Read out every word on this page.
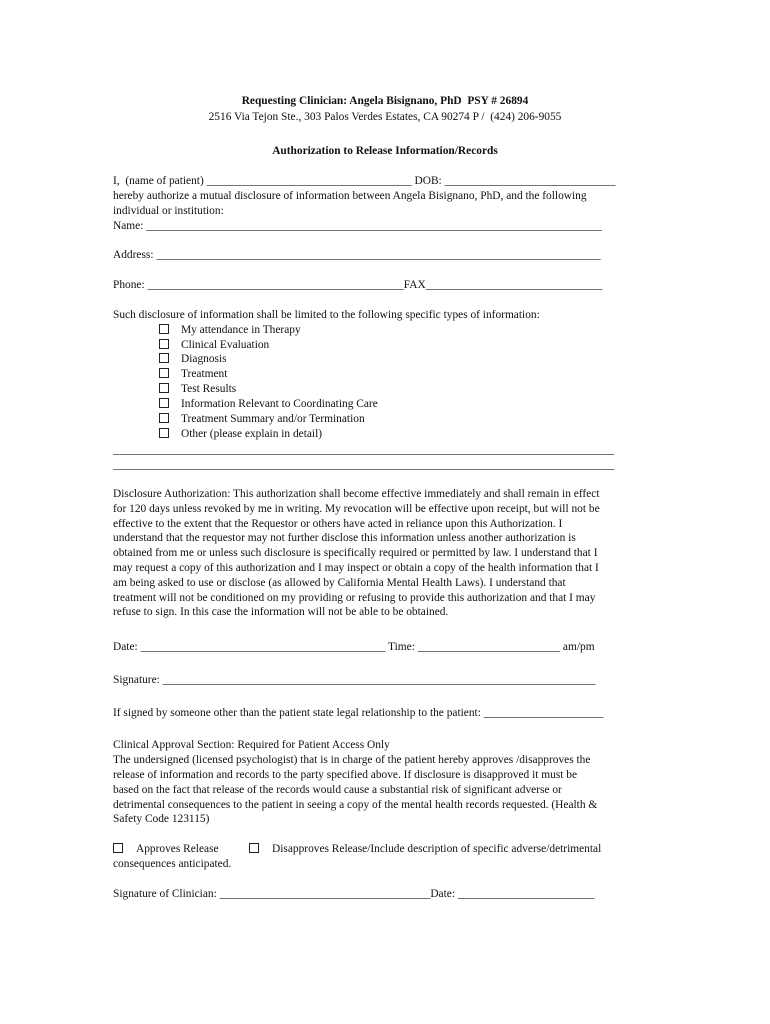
Requesting Clinician: Angela Bisignano, PhD  PSY # 26894
2516 Via Tejon Ste., 303 Palos Verdes Estates, CA 90274 P /  (424) 206-9055
Authorization to Release Information/Records
I,  (name of patient) ____________________________________ DOB: ______________________________
hereby authorize a mutual disclosure of information between Angela Bisignano, PhD, and the following
individual or institution:
Name: ________________________________________________________________________________
Address: ______________________________________________________________________________
Phone: _____________________________________________FAX_______________________________
Such disclosure of information shall be limited to the following specific types of information:
My attendance in Therapy
Clinical Evaluation
Diagnosis
Treatment
Test Results
Information Relevant to Coordinating Care
Treatment Summary and/or Termination
Other (please explain in detail)
________________________________________________________________________________________
________________________________________________________________________________________
Disclosure Authorization: This authorization shall become effective immediately and shall remain in effect
for 120 days unless revoked by me in writing. My revocation will be effective upon receipt, but will not be
effective to the extent that the Requestor or others have acted in reliance upon this Authorization. I
understand that the requestor may not further disclose this information unless another authorization is
obtained from me or unless such disclosure is specifically required or permitted by law. I understand that I
may request a copy of this authorization and I may inspect or obtain a copy of the health information that I
am being asked to use or disclose (as allowed by California Mental Health Laws). I understand that
treatment will not be conditioned on my providing or refusing to provide this authorization and that I may
refuse to sign. In this case the information will not be able to be obtained.
Date: ___________________________________________ Time: _________________________ am/pm
Signature: ____________________________________________________________________________
If signed by someone other than the patient state legal relationship to the patient: _____________________
Clinical Approval Section: Required for Patient Access Only
The undersigned (licensed psychologist) that is in charge of the patient hereby approves /disapproves the
release of information and records to the party specified above. If disclosure is disapproved it must be
based on the fact that release of the records would cause a substantial risk of significant adverse or
detrimental consequences to the patient in seeing a copy of the mental health records requested. (Health &
Safety Code 123115)
Approves Release	Disapproves Release/Include description of specific adverse/detrimental
consequences anticipated.
Signature of Clinician: _____________________________________Date: ________________________
